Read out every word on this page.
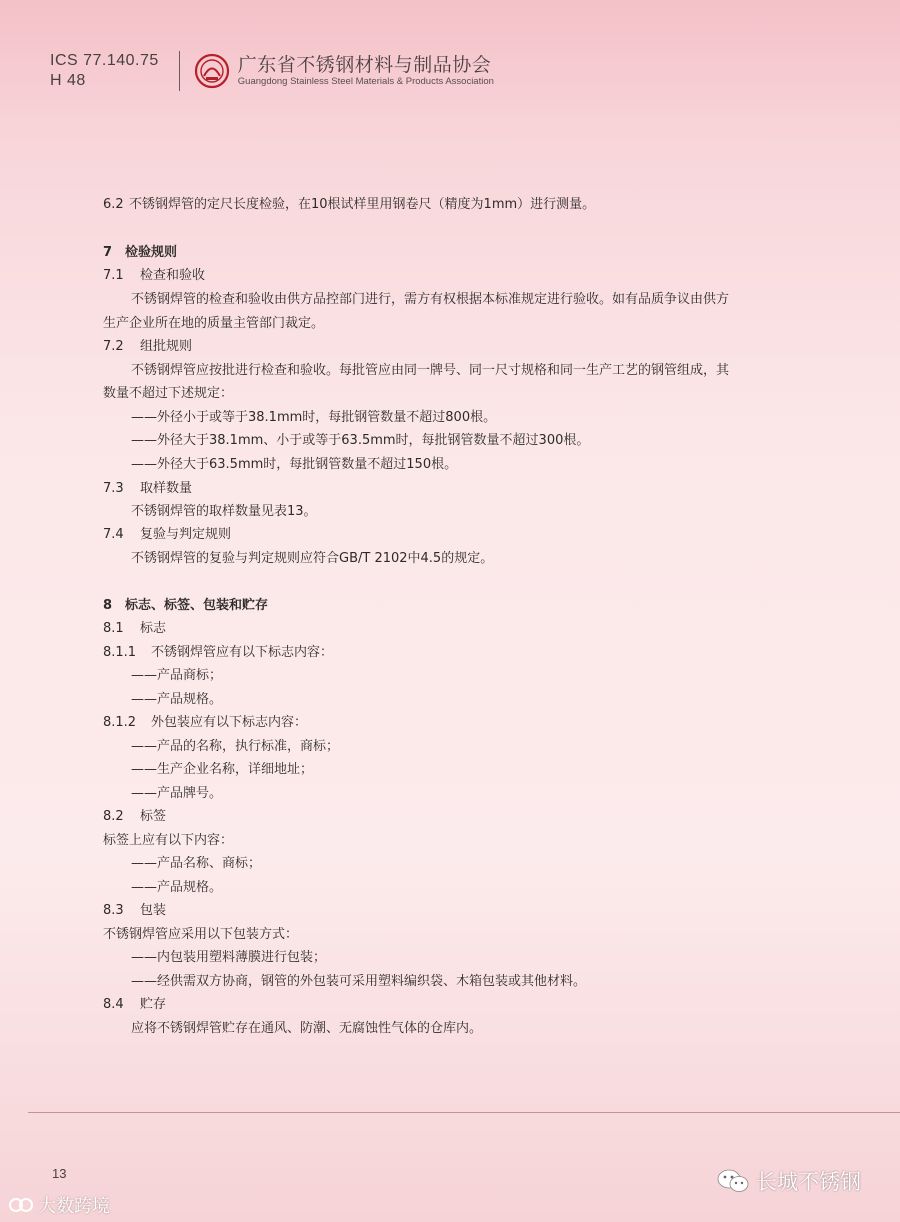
ICS 77.140.75
H 48
广东省不锈钢材料与制品协会
Guangdong Stainless Steel Materials & Products Association
6.2 不锈钢焊管的定尺长度检验，在10根试样里用钢卷尺（精度为1mm）进行测量。
7 检验规则
7.1 检查和验收
不锈钢焊管的检查和验收由供方品控部门进行，需方有权根据本标准规定进行验收。如有品质争议由供方
生产企业所在地的质量主管部门裁定。
7.2 组批规则
不锈钢焊管应按批进行检查和验收。每批管应由同一牌号、同一尺寸规格和同一生产工艺的钢管组成，其
数量不超过下述规定：
——外径小于或等于38.1mm时，每批钢管数量不超过800根。
——外径大于38.1mm、小于或等于63.5mm时，每批钢管数量不超过300根。
——外径大于63.5mm时，每批钢管数量不超过150根。
7.3 取样数量
不锈钢焊管的取样数量见表13。
7.4 复验与判定规则
不锈钢焊管的复验与判定规则应符合GB/T 2102中4.5的规定。
8 标志、标签、包装和贮存
8.1 标志
8.1.1 不锈钢焊管应有以下标志内容：
——产品商标；
——产品规格。
8.1.2 外包装应有以下标志内容：
——产品的名称，执行标准，商标；
——生产企业名称，详细地址；
——产品牌号。
8.2 标签
标签上应有以下内容：
——产品名称、商标；
——产品规格。
8.3 包装
不锈钢焊管应采用以下包装方式：
——内包装用塑料薄膜进行包装；
——经供需双方协商，钢管的外包装可采用塑料编织袋、木箱包装或其他材料。
8.4 贮存
应将不锈钢焊管贮存在通风、防潮、无腐蚀性气体的仓库内。
13
大数跨境
长城不锈钢
